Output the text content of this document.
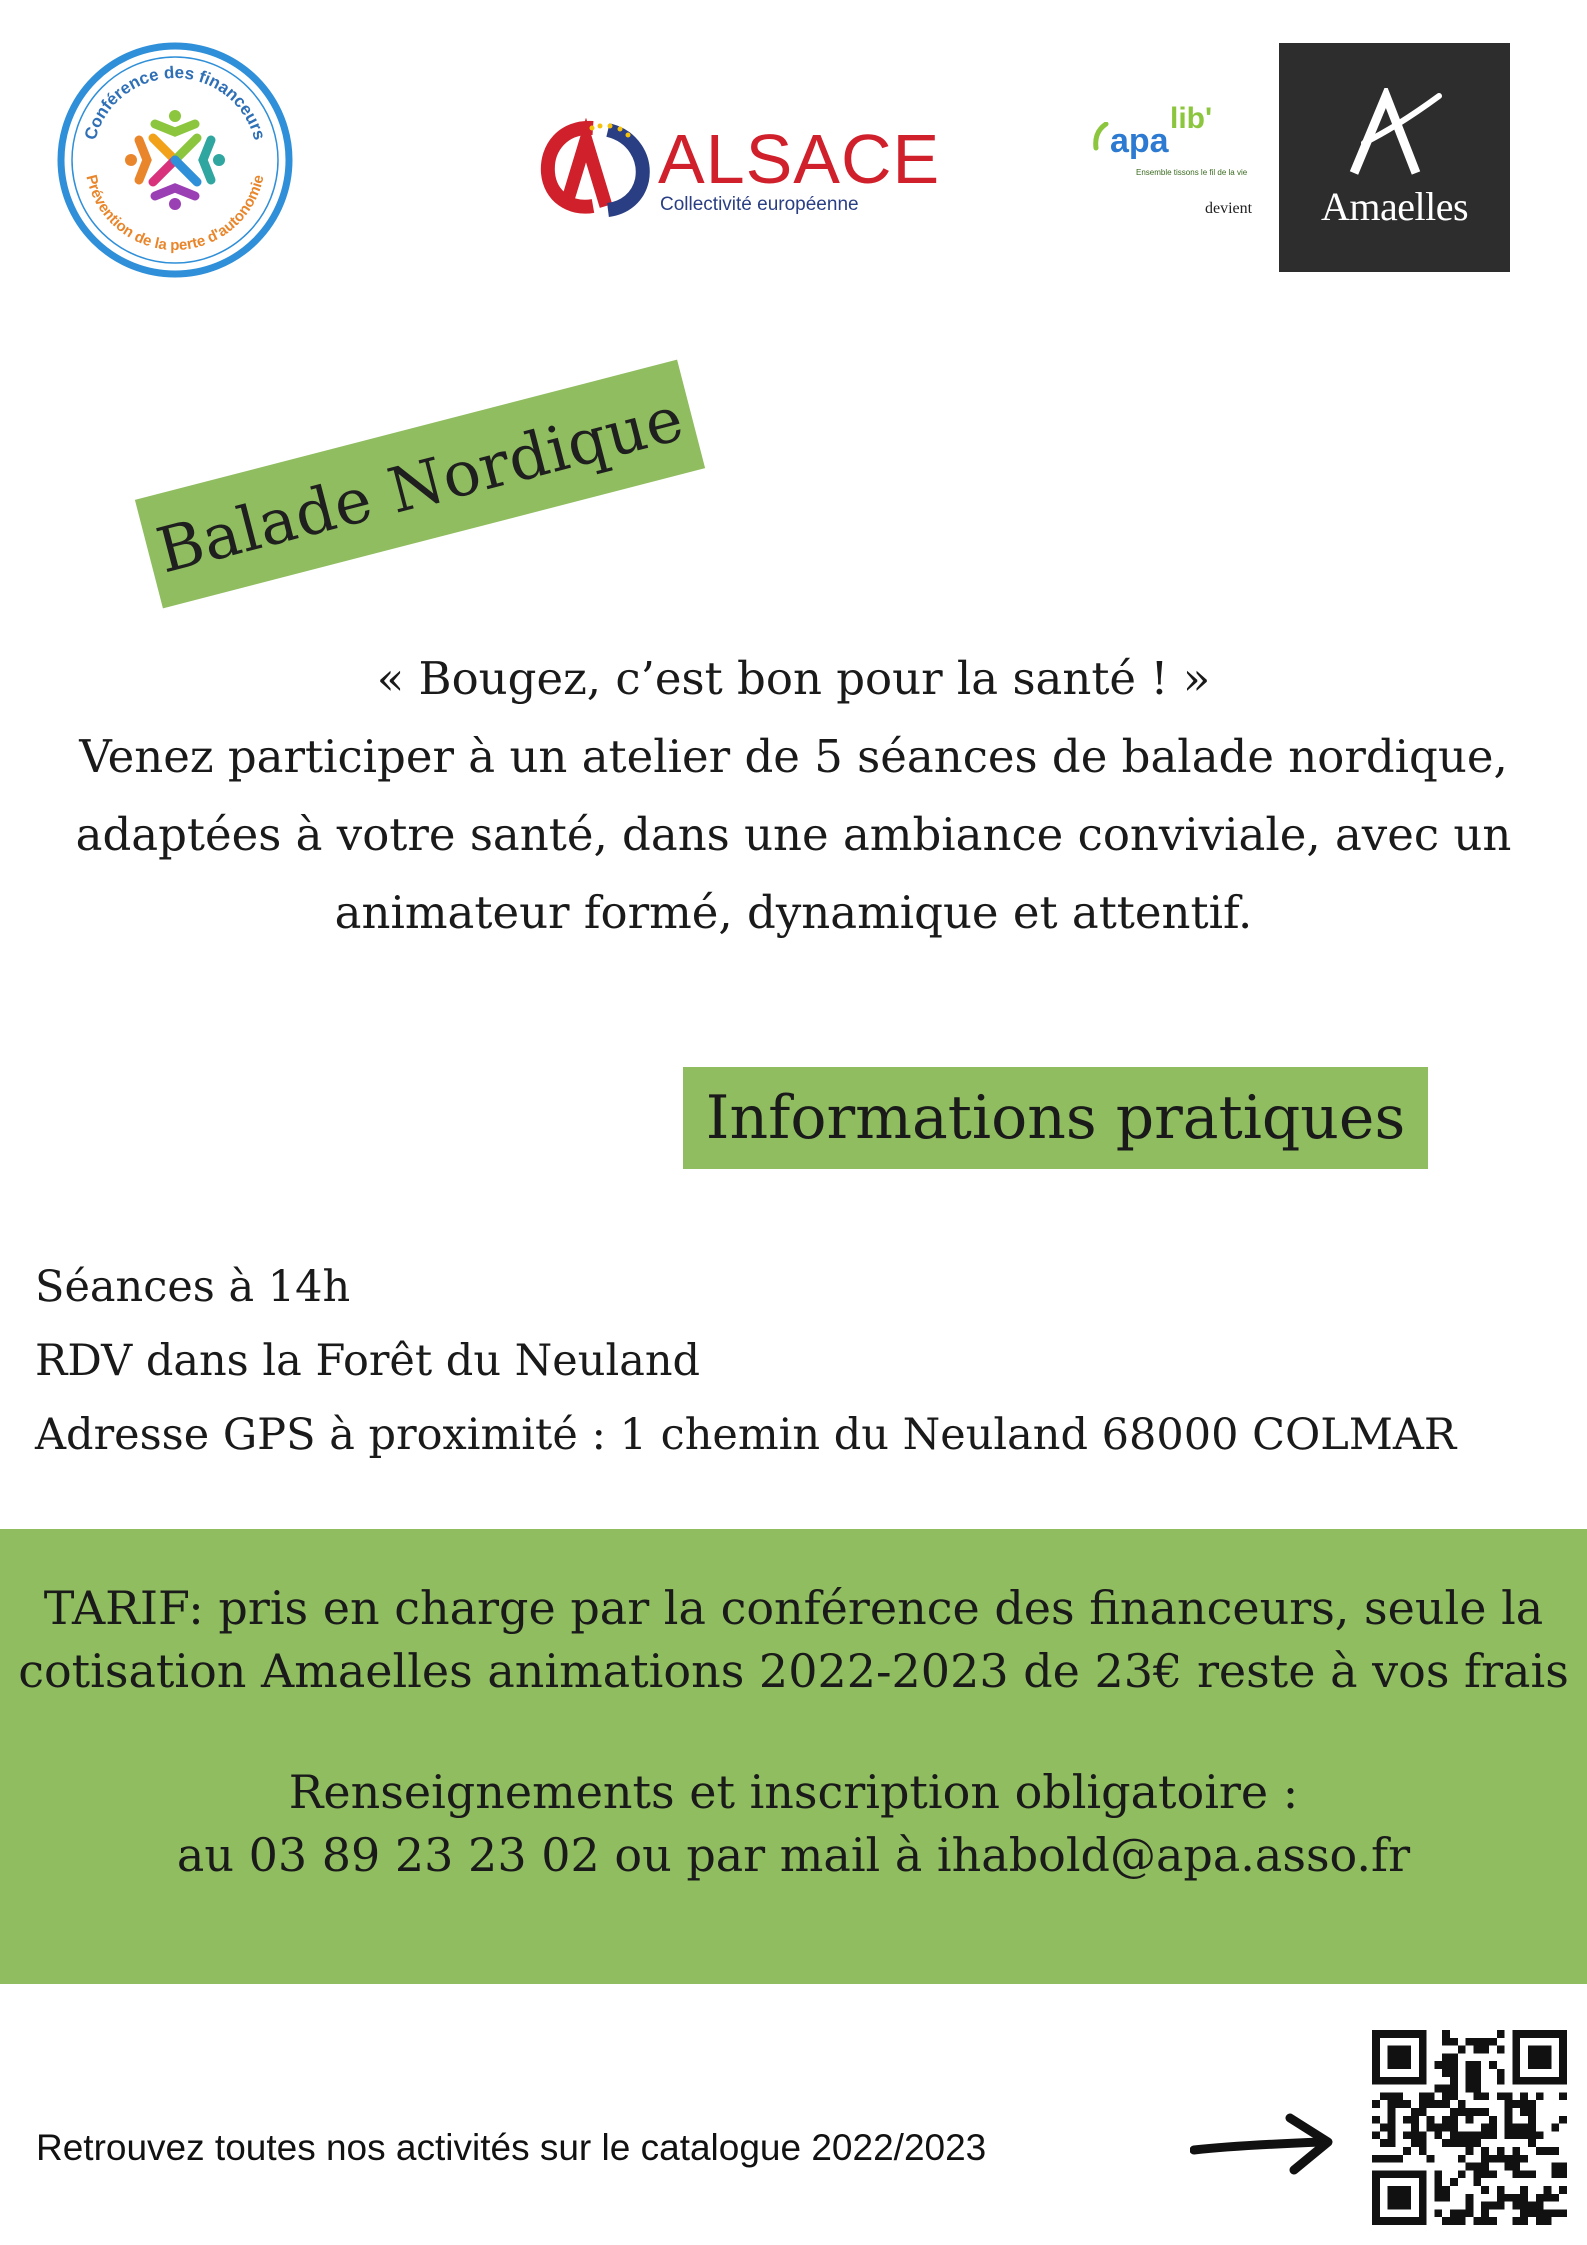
Conférence des financeurs
Prévention de la perte d'autonomie	ALSACE
Collectivité européenne
apa
lib'
Ensemble tissons le fil de la vie
devient	Amaelles
Balade Nordique
« Bougez, c’est bon pour la santé ! »
Venez participer à un atelier de 5 séances de balade nordique,
adaptées à votre santé, dans une ambiance conviviale, avec un
animateur formé, dynamique et attentif.
Informations pratiques
Séances à 14h
RDV dans la Forêt du Neuland
Adresse GPS à proximité : 1 chemin du Neuland 68000 COLMAR
TARIF: pris en charge par la conférence des financeurs, seule la
cotisation Amaelles animations 2022-2023 de 23€ reste à vos frais
Renseignements et inscription obligatoire :
au 03 89 23 23 02 ou par mail à ihabold@apa.asso.fr
Retrouvez toutes nos activités sur le catalogue 2022/2023
